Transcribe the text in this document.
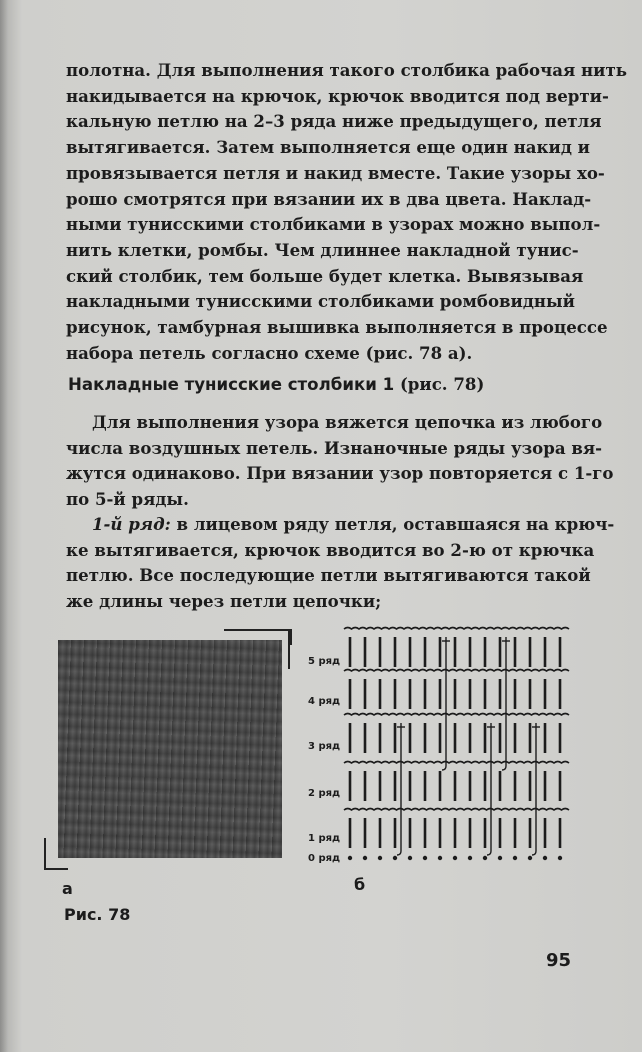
полотна. Для выполнения такого столбика рабочая нить
накидывается на крючок, крючок вводится под верти-
кальную петлю на 2–3 ряда ниже предыдущего, петля
вытягивается. Затем выполняется еще один накид и
провязывается петля и накид вместе. Такие узоры хо-
рошо смотрятся при вязании их в два цвета. Наклад-
ными тунисскими столбиками в узорах можно выпол-
нить клетки, ромбы. Чем длиннее накладной тунис-
ский столбик, тем больше будет клетка. Вывязывая
накладными тунисскими столбиками ромбовидный
рисунок, тамбурная вышивка выполняется в процессе
набора петель согласно схеме (рис. 78 а).
Накладные тунисские столбики 1 (рис. 78)
Для выполнения узора вяжется цепочка из любого
числа воздушных петель. Изнаночные ряды узора вя-
жутся одинаково. При вязании узор повторяется с 1-го
по 5-й ряды.
1-й ряд: в лицевом ряду петля, оставшаяся на крюч-
ке вытягивается, крючок вводится во 2-ю от крючка
петлю. Все последующие петли вытягиваются такой
же длины через петли цепочки;
а
5 ряд
4 ряд
3 ряд
2 ряд
1 ряд
0 ряд
б
Рис. 78
95
